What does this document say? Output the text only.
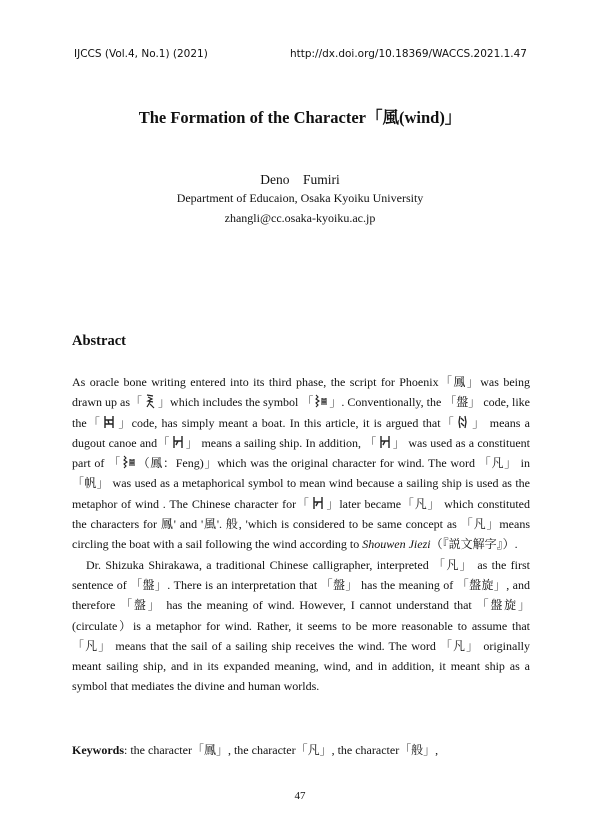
IJCCS (Vol.4, No.1) (2021)	http://dx.doi.org/10.18369/WACCS.2021.1.47
The Formation of the Character「風(wind)」
Deno　Fumiri
Department of Educaion, Osaka Kyoiku University
zhangli@cc.osaka-kyoiku.ac.jp
Abstract

As oracle bone writing entered into its third phase, the script for Phoenix「鳳」was being drawn up as「 」which includes the symbol 「 」. Conventionally, the 「盤」 code, like the「 」code, has simply meant a boat. In this article, it is argued that「 」 means a dugout canoe and「 」 means a sailing ship. In addition, 「 」 was used as a constituent part of 「 （鳳：Feng)」which was the original character for wind. The word 「凡」 in「帆」 was used as a metaphorical symbol to mean wind because a sailing ship is used as the metaphor of wind . The Chinese character for「 」later became「凡」 which constituted the characters for 鳳' and '風'. 般, 'which is considered to be same concept as 「凡」means circling the boat with a sail following the wind according to Shouwen Jiezi（『説文解字』）.

Dr. Shizuka Shirakawa, a traditional Chinese calligrapher, interpreted 「凡」 as the first sentence of 「盤」. There is an interpretation that 「盤」 has the meaning of 「盤旋」, and therefore 「盤」 has the meaning of wind. However, I cannot understand that 「盤旋」(circulate）is a metaphor for wind. Rather, it seems to be more reasonable to assume that 「凡」 means that the sail of a sailing ship receives the wind. The word 「凡」 originally meant sailing ship, and in its expanded meaning, wind, and in addition, it meant ship as a symbol that mediates the divine and human worlds.

Keywords: the character「鳳」, the character「凡」, the character「般」,
47
